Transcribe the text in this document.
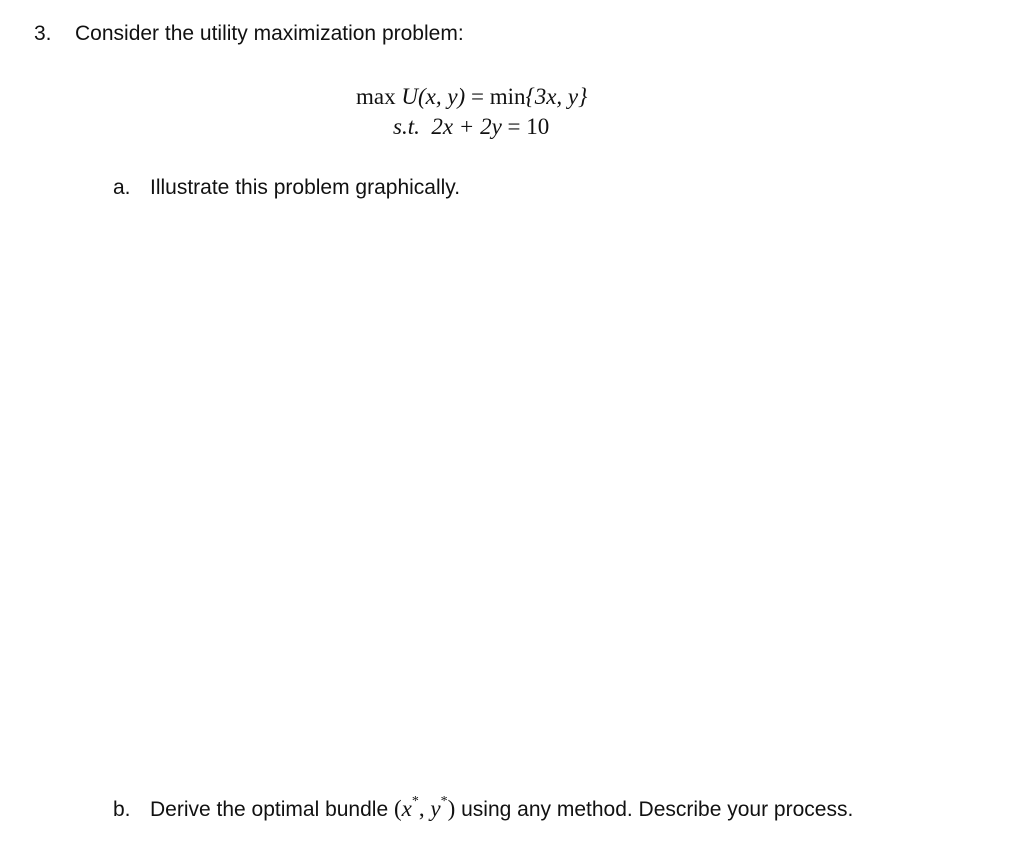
3. Consider the utility maximization problem:
max U(x, y) = min{3x, y}
s.t. 2x + 2y = 10
a. Illustrate this problem graphically.
b. Derive the optimal bundle (x*, y*) using any method. Describe your process.
